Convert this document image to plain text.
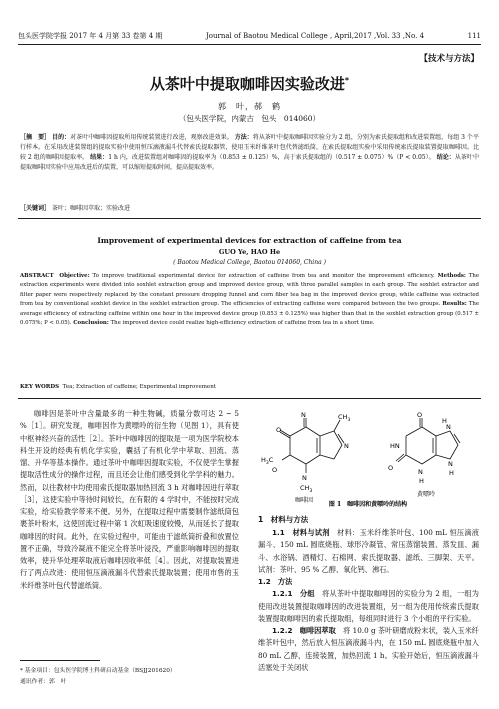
包头医学院学报 2017 年 4 月第 33 卷第 4 期	Journal of Baotou Medical College , April,2017 ,Vol. 33 ,No. 4	111
【技术与方法】
从茶叶中提取咖啡因实验改进*
郭　叶，郝　鹤
（包头医学院，内蒙古　包头　014060）
［摘　要］ 目的：对茶叶中咖啡因提取所用传统装置进行改进，观察改进效果。 方法：将从茶叶中提取咖啡因实验分为 2 组，分别为索氏提取组和改进装置组，每组 3 个平行样本。在采用改进装置组的提取实验中使用恒压滴液漏斗代替索氏提取器管，使用玉米纤维茶叶包代替滤纸筒，在索氏提取组实验中采用传统索氏提取装置提取咖啡因。比较 2 组的咖啡因提取率。 结果：1 h 内，改进装置组对咖啡因的提取率为（0.853 ± 0.125）%，高于索氏提取组的（0.517 ± 0.075）%（P < 0.05）。 结论：从茶叶中提取咖啡因实验中应用改进后的装置，可以缩短提取时间，提高提取效率。
［关键词］ 茶叶；咖啡因萃取；实验改进
Improvement of experimental devices for extraction of caffeine from tea
GUO Ye, HAO He
( Baotou Medical College, Baotou 014060, China )
ABSTRACT Objective: To improve traditional experimental device for extraction of caffeine from tea and monitor the improvement efficiency. Methods: The extraction experiments were divided into soxhlet extraction group and improved device group, with three parallel samples in each group. The soxhlet extractor and filter paper were respectively replaced by the constant pressure dropping funnel and corn fiber tea bag in the improved device group, while caffeine was extracted from tea by conventional soxhlet device in the soxhlet extraction group. The efficiencies of extracting caffeine were compared between the two groups. Results: The average efficiency of extracting caffeine within one hour in the improved device group (0.853 ± 0.125%) was higher than that in the soxhlet extraction group (0.517 ± 0.075%; P < 0.05). Conclusion: The improved device could realize high-efficiency extraction of caffeine from tea in a short time.
KEY WORDS Tea; Extraction of caffeine; Experimental improvement

咖啡因是茶叶中含量最多的一种生物碱，质量分数可达 2 ~ 5 %［1］。研究发现，咖啡因作为黄嘌呤的衍生物（见图 1），具有使中枢神经兴奋的活性［2］。茶叶中咖啡因的提取是一项为医学院校本科生开设的经典有机化学实验，囊括了有机化学中萃取、回流、蒸馏、升华等基本操作。通过茶叶中咖啡因提取实验，不仅使学生掌握提取活性成分的操作过程，而且还会让他们感受到化学学科的魅力。然而，以往教材中均使用索氏提取器加热回流 3 h 对咖啡因进行萃取［3］，这使实验中等待时间较长，在有限的 4 学时中，不能按时完成实验，给实验教学带来不便。另外，在提取过程中需要制作滤纸筒包裹茶叶粉末，这使回流过程中第 1 次虹吸速度较慢，从而延长了提取咖啡因的时间。此外，在实验过程中，可能由于滤纸筒折叠和放置位置不正确，导致冷凝液不能完全将茶叶浸没，严重影响咖啡因的提取效率，使升华处理萃取液后咖啡因收率低［4］。因此，对提取装置进行了两点改进：使用恒压滴液漏斗代替索氏提取装置；使用市售的玉米纤维茶叶包代替滤纸筒。

O
N
$H_3C$
O
N
$CH_3$
$CH_3$
N
咖啡因
O
HN
O	N
H
N
H
N
H
黄嘌呤
图 1　咖啡因和黄嘌呤的结构
1　材料与方法

1.1　材料与试剂　 材料：玉米纤维茶叶包、100 mL 恒压滴液漏斗、150 mL 圆底烧瓶、球形冷凝管、常压蒸馏装置、蒸发皿、漏斗、水浴锅、酒精灯、石棉网、索氏提取器、滤纸、三脚架、天平。试剂：茶叶、95 % 乙醇、氧化钙、沸石。

1.2　方法

1.2.1　分组　 将从茶叶中提取咖啡因的实验分为 2 组，一组为使用改进装置提取咖啡因的改进装置组，另一组为使用传统索氏提取装置提取咖啡因的索氏提取组，每组同时进行 3 个小组的平行实验。

1.2.2　咖啡因萃取　 将 10.0 g 茶叶研磨成粉末状，装入玉米纤维茶叶包中，然后放入恒压滴液漏斗内，在 150 mL 圆底烧瓶中加入 80 mL 乙醇，连接装置，加热回流 1 h。实验开始后，恒压滴液漏斗活塞处于关闭状

* 基金项目：包头医学院博士科研启动基金（BSJJ201620）
通讯作者：郭　叶
